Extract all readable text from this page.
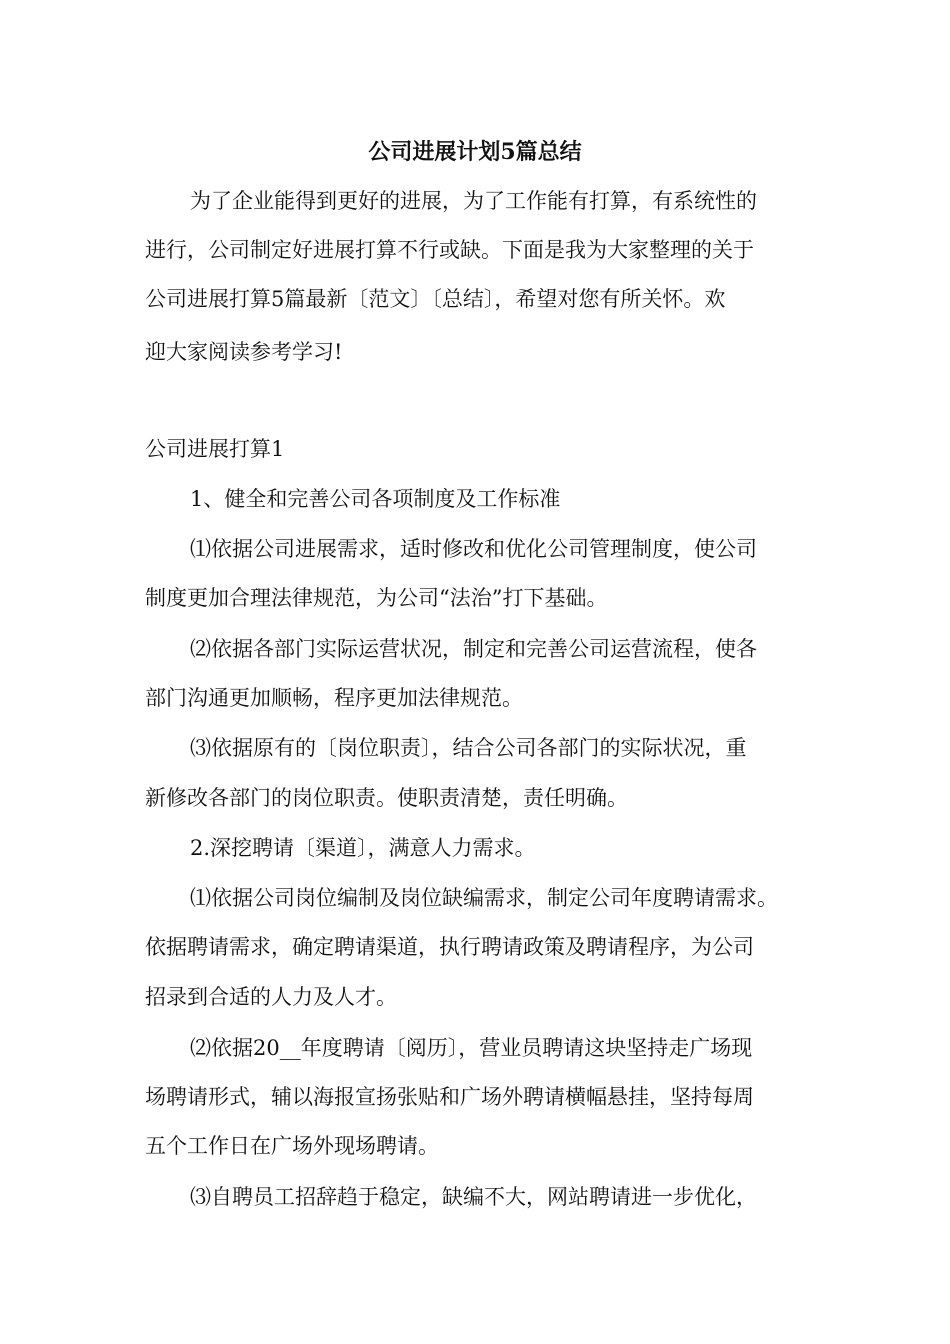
公司进展计划5篇总结

为了企业能得到更好的进展，为了工作能有打算，有系统性的

进行，公司制定好进展打算不行或缺。下面是我为大家整理的关于

公司进展打算5篇最新〔范文〕〔总结〕，希望对您有所关怀。欢

迎大家阅读参考学习!

公司进展打算1

1、健全和完善公司各项制度及工作标准

⑴依据公司进展需求，适时修改和优化公司管理制度，使公司

制度更加合理法律规范，为公司“法治”打下基础。

⑵依据各部门实际运营状况，制定和完善公司运营流程，使各

部门沟通更加顺畅，程序更加法律规范。

⑶依据原有的〔岗位职责〕，结合公司各部门的实际状况，重

新修改各部门的岗位职责。使职责清楚，责任明确。

2.深挖聘请〔渠道〕，满意人力需求。

⑴依据公司岗位编制及岗位缺编需求，制定公司年度聘请需求。

依据聘请需求，确定聘请渠道，执行聘请政策及聘请程序，为公司

招录到合适的人力及人才。

⑵依据20__年度聘请〔阅历〕，营业员聘请这块坚持走广场现

场聘请形式，辅以海报宣扬张贴和广场外聘请横幅悬挂，坚持每周

五个工作日在广场外现场聘请。

⑶自聘员工招辞趋于稳定，缺编不大，网站聘请进一步优化，
